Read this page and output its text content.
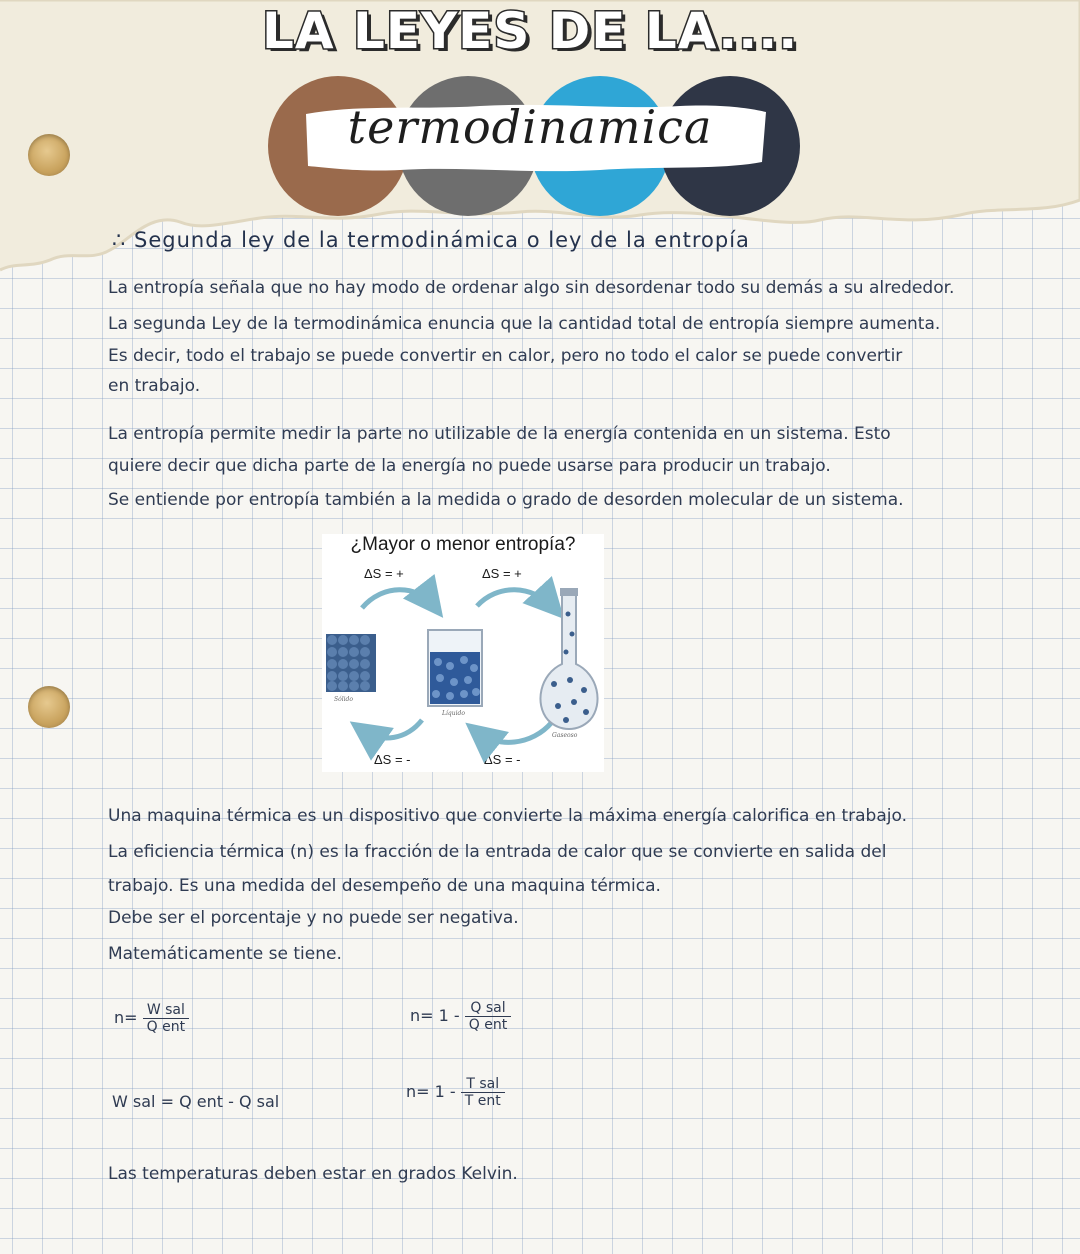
LA LEYES DE LA....
termodinamica
∴ Segunda ley de la termodinámica o ley de la entropía
La entropía señala que no hay modo de ordenar algo sin desordenar todo su demás a su alrededor.
La segunda Ley de la termodinámica enuncia que la cantidad total de entropía siempre aumenta.
Es decir, todo el trabajo se puede convertir en calor, pero no todo el calor se puede convertir
en trabajo.
La entropía permite medir la parte no utilizable de la energía contenida en un sistema. Esto
quiere decir que dicha parte de la energía no puede usarse para producir un trabajo.
Se entiende por entropía también a la medida o grado de desorden molecular de un sistema.
¿Mayor o menor entropía?
ΔS = +	ΔS = +
ΔS = -	ΔS = -
Sólido
Líquido
Gaseoso
Una maquina térmica es un dispositivo que convierte la máxima energía calorifica en trabajo.
La eficiencia térmica (n) es la fracción de la entrada de calor que se convierte en salida del
trabajo. Es una medida del desempeño de una maquina térmica.
Debe ser el porcentaje y no puede ser negativa.
Matemáticamente se tiene.
$n= \frac{\text{W sal}}{\text{Q ent}}$	$n= 1 - \frac{\text{Q sal}}{\text{Q ent}}$
W sal = Q ent - Q sal
$n= 1 - \frac{\text{T sal}}{\text{T ent}}$
Las temperaturas deben estar en grados Kelvin.
